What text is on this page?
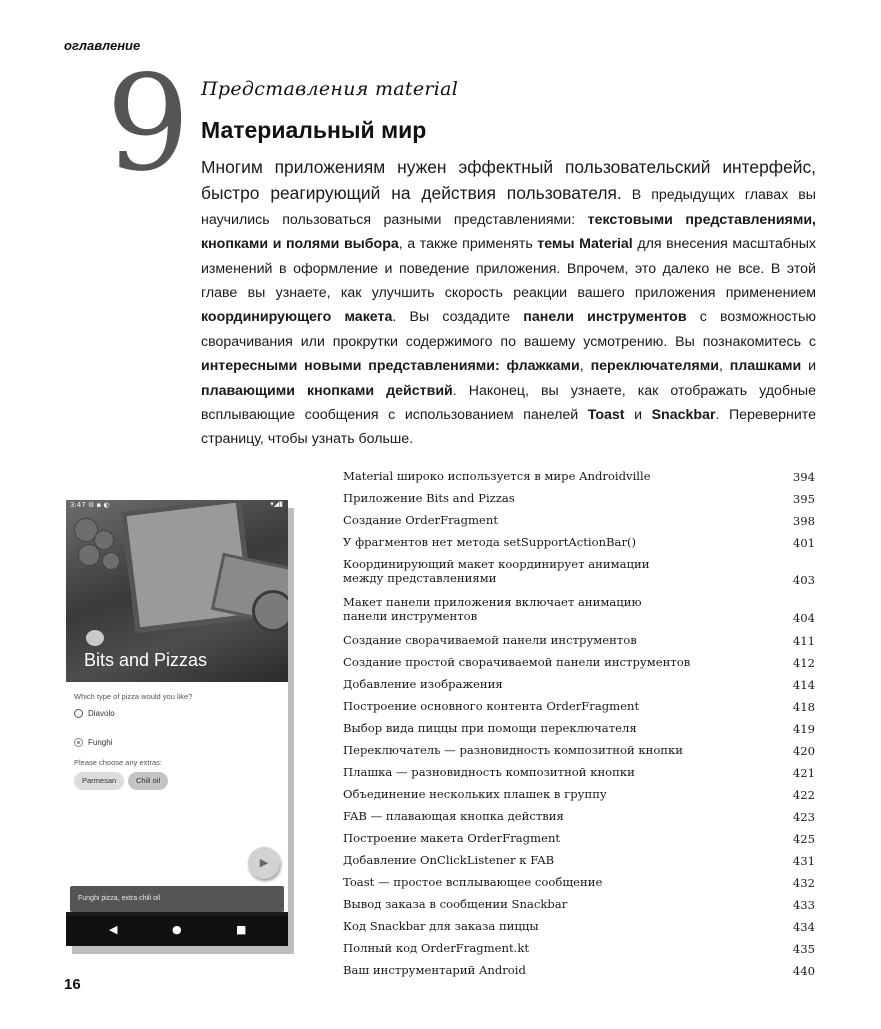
оглавление
9 Представления material
Материальный мир
Многим приложениям нужен эффектный пользовательский интерфейс, быстро реагирующий на действия пользователя. В предыдущих главах вы научились пользоваться разными представлениями: текстовыми представлениями, кнопками и полями выбора, а также применять темы Material для внесения масштабных изменений в оформление и поведение приложения. Впрочем, это далеко не все. В этой главе вы узнаете, как улучшить скорость реакции вашего приложения применением координирующего макета. Вы создадите панели инструментов с возможностью сворачивания или прокрутки содержимого по вашему усмотрению. Вы познакомитесь с интересными новыми представлениями: флажками, переключателями, плашками и плавающими кнопками действий. Наконец, вы узнаете, как отображать удобные всплывающие сообщения с использованием панелей Toast и Snackbar. Переверните страницу, чтобы узнать больше.
Bits and Pizzas
3:47 ⚙ ▪ ◐	▾◢▮
Which type of pizza would you like?
Diavolo
Funghi
Please choose any extras:
Parmesan	Chili oil
▶
Funghi pizza, extra chili oil
◀	●	■
Material широко используется в мире Androidville	394
Приложение Bits and Pizzas	395
Создание OrderFragment	398
У фрагментов нет метода setSupportActionBar()	401
Координирующий макет координирует анимации между представлениями	403
Макет панели приложения включает анимацию панели инструментов	404
Создание сворачиваемой панели инструментов	411
Создание простой сворачиваемой панели инструментов	412
Добавление изображения	414
Построение основного контента OrderFragment	418
Выбор вида пиццы при помощи переключателя	419
Переключатель — разновидность композитной кнопки	420
Плашка — разновидность композитной кнопки	421
Объединение нескольких плашек в группу	422
FAB — плавающая кнопка действия	423
Построение макета OrderFragment	425
Добавление OnClickListener к FAB	431
Toast — простое всплывающее сообщение	432
Вывод заказа в сообщении Snackbar	433
Код Snackbar для заказа пиццы	434
Полный код OrderFragment.kt	435
Ваш инструментарий Android	440
16
